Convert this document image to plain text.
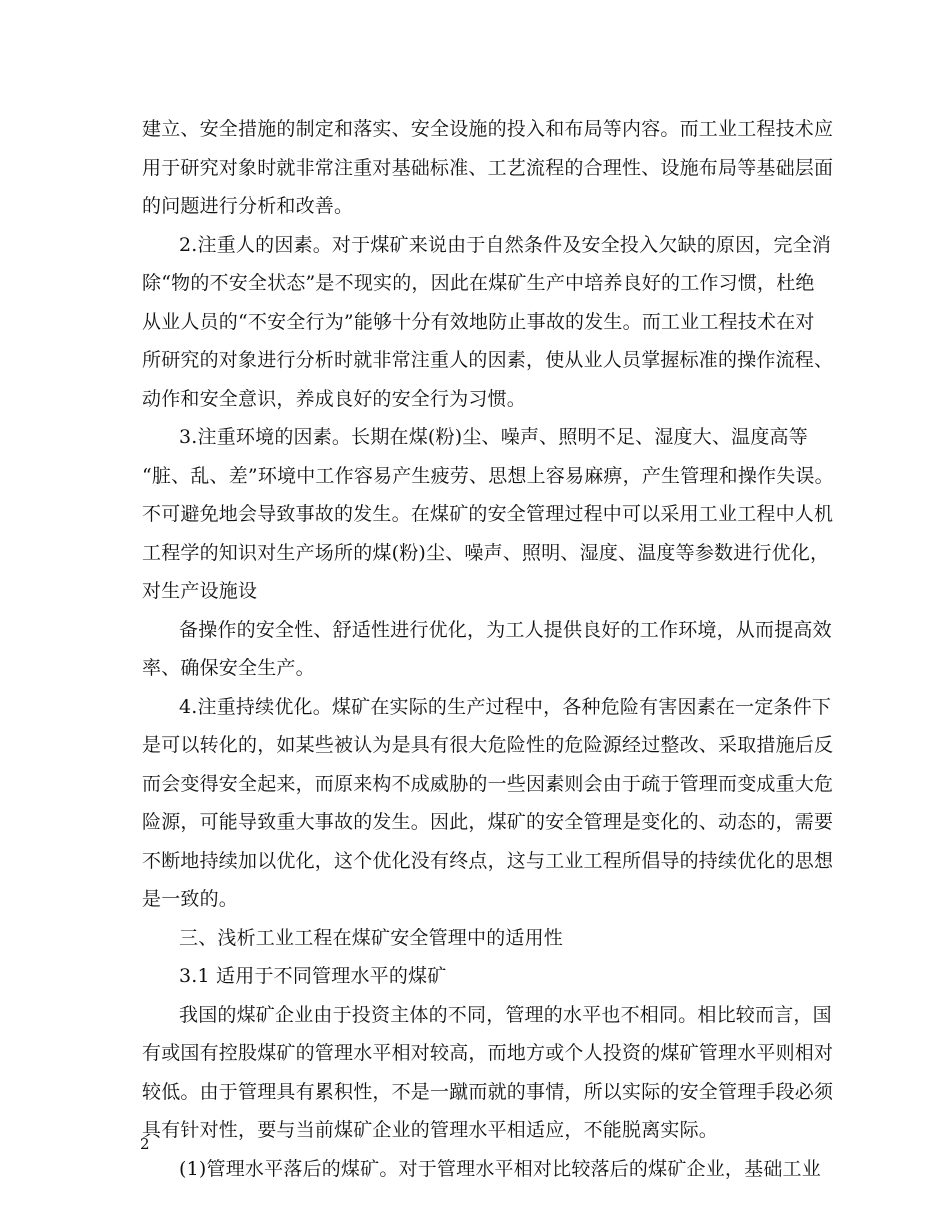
建立、安全措施的制定和落实、安全设施的投入和布局等内容。而工业工程技术应
用于研究对象时就非常注重对基础标准、工艺流程的合理性、设施布局等基础层面
的问题进行分析和改善。
2.注重人的因素。对于煤矿来说由于自然条件及安全投入欠缺的原因，完全消
除“物的不安全状态”是不现实的，因此在煤矿生产中培养良好的工作习惯，杜绝
从业人员的“不安全行为”能够十分有效地防止事故的发生。而工业工程技术在对
所研究的对象进行分析时就非常注重人的因素，使从业人员掌握标准的操作流程、
动作和安全意识，养成良好的安全行为习惯。
3.注重环境的因素。长期在煤(粉)尘、噪声、照明不足、湿度大、温度高等
“脏、乱、差”环境中工作容易产生疲劳、思想上容易麻痹，产生管理和操作失误。
不可避免地会导致事故的发生。在煤矿的安全管理过程中可以采用工业工程中人机
工程学的知识对生产场所的煤(粉)尘、噪声、照明、湿度、温度等参数进行优化，
对生产设施设
备操作的安全性、舒适性进行优化，为工人提供良好的工作环境，从而提高效
率、确保安全生产。
4.注重持续优化。煤矿在实际的生产过程中，各种危险有害因素在一定条件下
是可以转化的，如某些被认为是具有很大危险性的危险源经过整改、采取措施后反
而会变得安全起来，而原来构不成威胁的一些因素则会由于疏于管理而变成重大危
险源，可能导致重大事故的发生。因此，煤矿的安全管理是变化的、动态的，需要
不断地持续加以优化，这个优化没有终点，这与工业工程所倡导的持续优化的思想
是一致的。
三、浅析工业工程在煤矿安全管理中的适用性
3.1 适用于不同管理水平的煤矿
我国的煤矿企业由于投资主体的不同，管理的水平也不相同。相比较而言，国
有或国有控股煤矿的管理水平相对较高，而地方或个人投资的煤矿管理水平则相对
较低。由于管理具有累积性，不是一蹴而就的事情，所以实际的安全管理手段必须
具有针对性，要与当前煤矿企业的管理水平相适应，不能脱离实际。
(1)管理水平落后的煤矿。对于管理水平相对比较落后的煤矿企业，基础工业
2
